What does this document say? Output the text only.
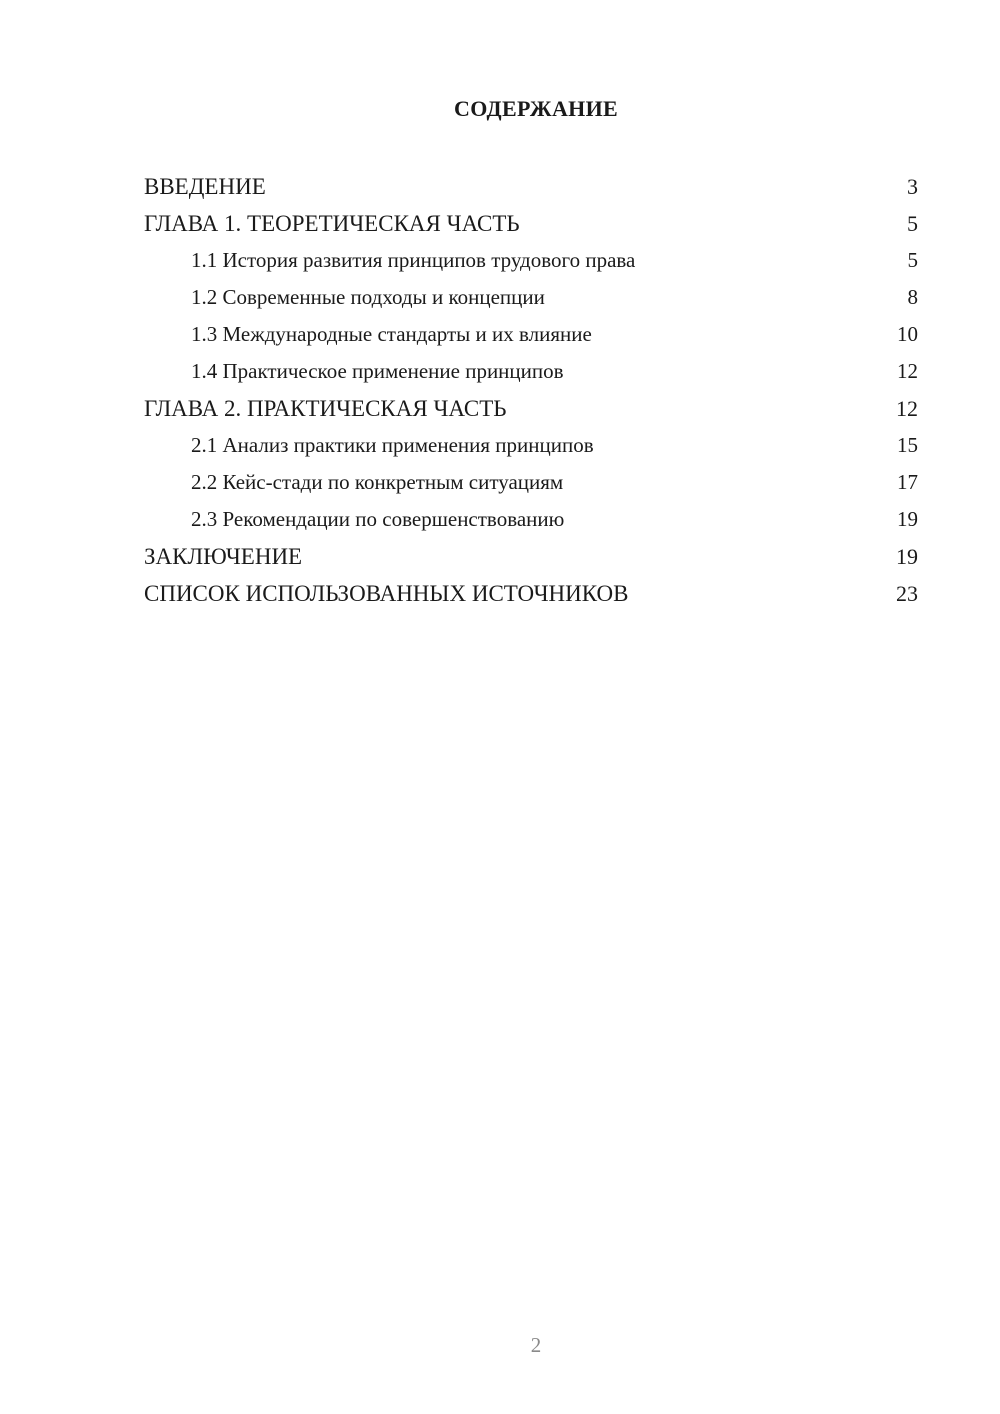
СОДЕРЖАНИЕ
ВВЕДЕНИЕ	3
ГЛАВА 1. ТЕОРЕТИЧЕСКАЯ ЧАСТЬ	5
1.1 История развития принципов трудового права	5
1.2 Современные подходы и концепции	8
1.3 Международные стандарты и их влияние	10
1.4 Практическое применение принципов	12
ГЛАВА 2. ПРАКТИЧЕСКАЯ ЧАСТЬ	12
2.1 Анализ практики применения принципов	15
2.2 Кейс-стади по конкретным ситуациям	17
2.3 Рекомендации по совершенствованию	19
ЗАКЛЮЧЕНИЕ	19
СПИСОК ИСПОЛЬЗОВАННЫХ ИСТОЧНИКОВ	23
2
